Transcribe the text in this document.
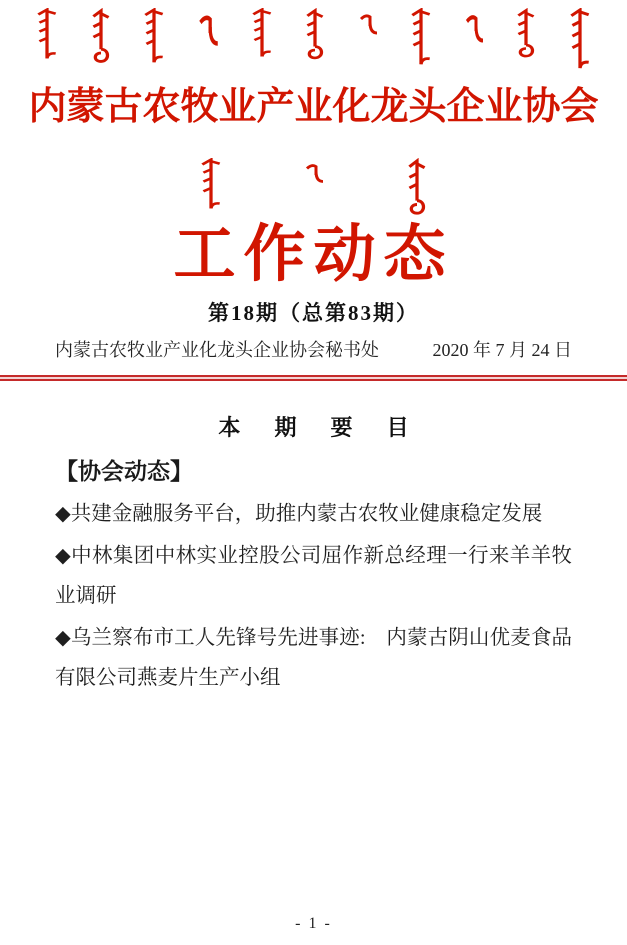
内蒙古农牧业产业化龙头企业协会
工作动态
第18期（总第83期）
内蒙古农牧业产业化龙头企业协会秘书处	2020 年 7 月 24 日
本 期 要 目
【协会动态】

◆共建金融服务平台，助推内蒙古农牧业健康稳定发展

◆中林集团中林实业控股公司屈作新总经理一行来羊羊牧业调研

◆乌兰察布市工人先锋号先进事迹:　内蒙古阴山优麦食品有限公司燕麦片生产小组

- 1 -
